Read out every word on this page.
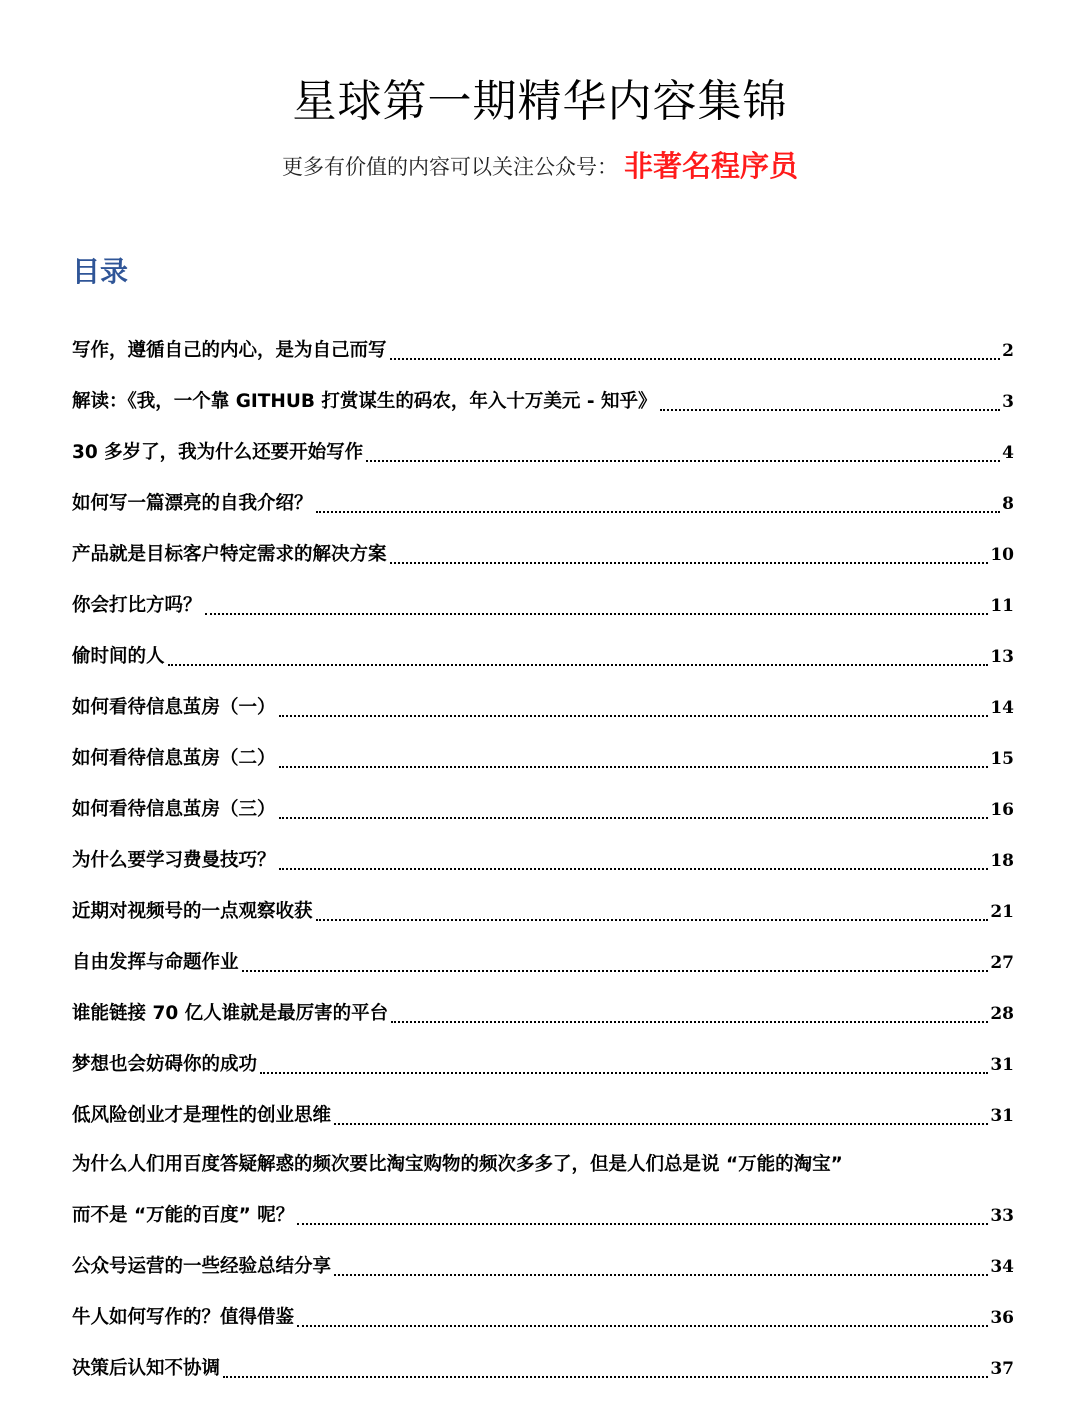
星球第一期精华内容集锦
更多有价值的内容可以关注公众号： 非著名程序员
目录
写作，遵循自己的内心，是为自己而写	2
解读：《我，一个靠 GITHUB 打赏谋生的码农，年入十万美元 - 知乎》	3
30 多岁了，我为什么还要开始写作	4
如何写一篇漂亮的自我介绍？	8
产品就是目标客户特定需求的解决方案	10
你会打比方吗？	11
偷时间的人	13
如何看待信息茧房（一）	14
如何看待信息茧房（二）	15
如何看待信息茧房（三）	16
为什么要学习费曼技巧？	18
近期对视频号的一点观察收获	21
自由发挥与命题作业	27
谁能链接 70 亿人谁就是最厉害的平台	28
梦想也会妨碍你的成功	31
低风险创业才是理性的创业思维	31
为什么人们用百度答疑解惑的频次要比淘宝购物的频次多多了，但是人们总是说 “万能的淘宝”
而不是 “万能的百度” 呢？	33
公众号运营的一些经验总结分享	34
牛人如何写作的？值得借鉴	36
决策后认知不协调	37
